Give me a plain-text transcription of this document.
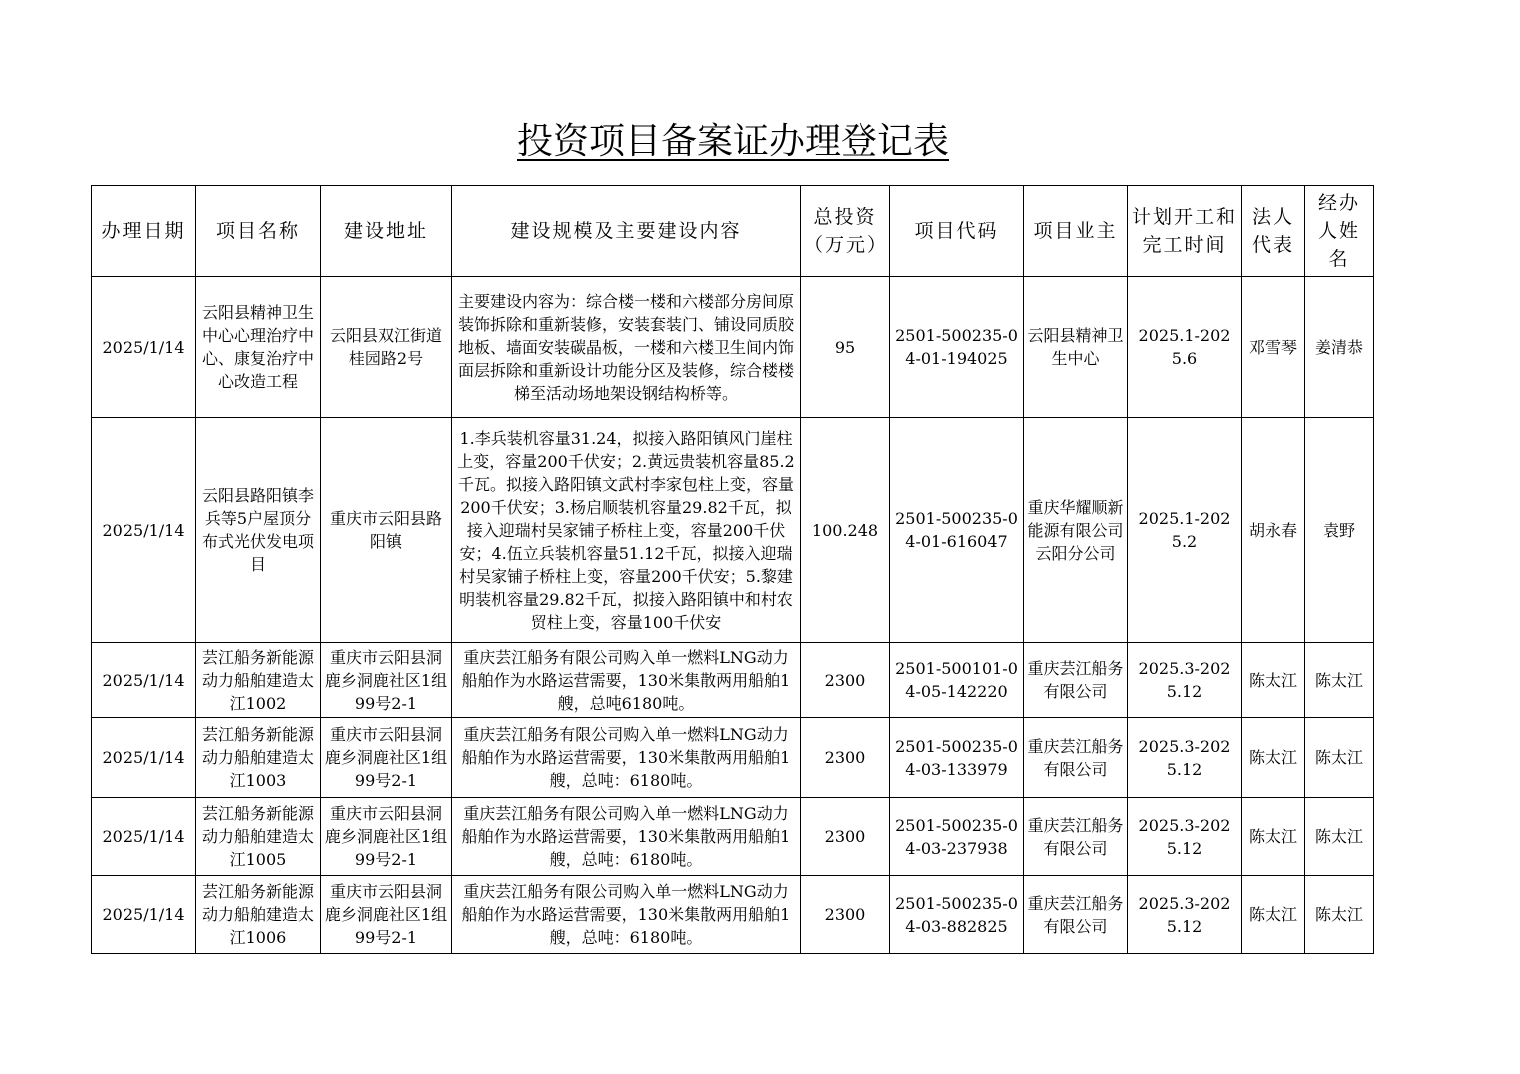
投资项目备案证办理登记表
办理日期	项目名称	建设地址	建设规模及主要建设内容	总投资（万元）	项目代码	项目业主	计划开工和完工时间	法人代表	经办人姓名
2025/1/14	云阳县精神卫生中心心理治疗中心、康复治疗中心改造工程	云阳县双江街道桂园路2号	主要建设内容为：综合楼一楼和六楼部分房间原装饰拆除和重新装修，安装套装门、铺设同质胶地板、墙面安装碳晶板，一楼和六楼卫生间内饰面层拆除和重新设计功能分区及装修，综合楼楼梯至活动场地架设钢结构桥等。	95	2501-500235-04-01-194025	云阳县精神卫生中心	2025.1-2025.6	邓雪琴	姜清恭
2025/1/14	云阳县路阳镇李兵等5户屋顶分布式光伏发电项目	重庆市云阳县路阳镇	1.李兵装机容量31.24，拟接入路阳镇风门崖柱上变，容量200千伏安；2.黄远贵装机容量85.2千瓦。拟接入路阳镇文武村李家包柱上变，容量200千伏安；3.杨启顺装机容量29.82千瓦，拟接入迎瑞村吴家铺子桥柱上变，容量200千伏安；4.伍立兵装机容量51.12千瓦，拟接入迎瑞村吴家铺子桥柱上变，容量200千伏安；5.黎建明装机容量29.82千瓦，拟接入路阳镇中和村农贸柱上变，容量100千伏安	100.248	2501-500235-04-01-616047	重庆华耀顺新能源有限公司云阳分公司	2025.1-2025.2	胡永春	袁野
2025/1/14	芸江船务新能源动力船舶建造太江1002	重庆市云阳县洞鹿乡洞鹿社区1组99号2-1	重庆芸江船务有限公司购入单一燃料LNG动力船舶作为水路运营需要，130米集散两用船舶1艘，总吨6180吨。	2300	2501-500101-04-05-142220	重庆芸江船务有限公司	2025.3-2025.12	陈太江	陈太江
2025/1/14	芸江船务新能源动力船舶建造太江1003	重庆市云阳县洞鹿乡洞鹿社区1组99号2-1	重庆芸江船务有限公司购入单一燃料LNG动力船舶作为水路运营需要，130米集散两用船舶1艘，总吨：6180吨。	2300	2501-500235-04-03-133979	重庆芸江船务有限公司	2025.3-2025.12	陈太江	陈太江
2025/1/14	芸江船务新能源动力船舶建造太江1005	重庆市云阳县洞鹿乡洞鹿社区1组99号2-1	重庆芸江船务有限公司购入单一燃料LNG动力船舶作为水路运营需要，130米集散两用船舶1艘，总吨：6180吨。	2300	2501-500235-04-03-237938	重庆芸江船务有限公司	2025.3-2025.12	陈太江	陈太江
2025/1/14	芸江船务新能源动力船舶建造太江1006	重庆市云阳县洞鹿乡洞鹿社区1组99号2-1	重庆芸江船务有限公司购入单一燃料LNG动力船舶作为水路运营需要，130米集散两用船舶1艘，总吨：6180吨。	2300	2501-500235-04-03-882825	重庆芸江船务有限公司	2025.3-2025.12	陈太江	陈太江
